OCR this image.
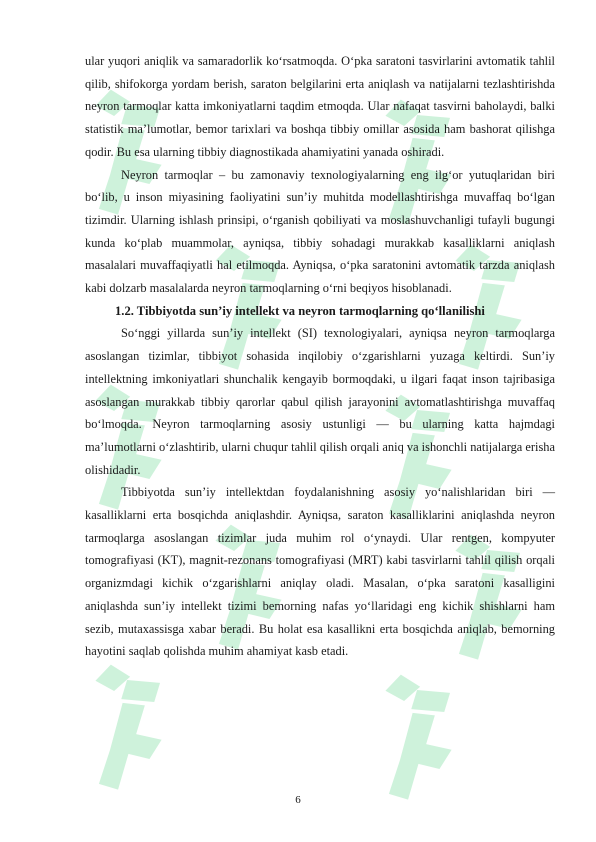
ular yuqori aniqlik va samaradorlik ko‘rsatmoqda. O‘pka saratoni tasvirlarini avtomatik tahlil qilib, shifokorga yordam berish, saraton belgilarini erta aniqlash va natijalarni tezlashtirishda neyron tarmoqlar katta imkoniyatlarni taqdim etmoqda. Ular nafaqat tasvirni baholaydi, balki statistik ma’lumotlar, bemor tarixlari va boshqa tibbiy omillar asosida ham bashorat qilishga qodir. Bu esa ularning tibbiy diagnostikada ahamiyatini yanada oshiradi.

Neyron tarmoqlar – bu zamonaviy texnologiyalarning eng ilg‘or yutuqlaridan biri bo‘lib, u inson miyasining faoliyatini sun’iy muhitda modellashtirishga muvaffaq bo‘lgan tizimdir. Ularning ishlash prinsipi, o‘rganish qobiliyati va moslashuvchanligi tufayli bugungi kunda ko‘plab muammolar, ayniqsa, tibbiy sohadagi murakkab kasalliklarni aniqlash masalalari muvaffaqiyatli hal etilmoqda. Ayniqsa, o‘pka saratonini avtomatik tarzda aniqlash kabi dolzarb masalalarda neyron tarmoqlarning o‘rni beqiyos hisoblanadi.

1.2. Tibbiyotda sun’iy intellekt va neyron tarmoqlarning qo‘llanilishi

So‘nggi yillarda sun’iy intellekt (SI) texnologiyalari, ayniqsa neyron tarmoqlarga asoslangan tizimlar, tibbiyot sohasida inqilobiy o‘zgarishlarni yuzaga keltirdi. Sun’iy intellektning imkoniyatlari shunchalik kengayib bormoqdaki, u ilgari faqat inson tajribasiga asoslangan murakkab tibbiy qarorlar qabul qilish jarayonini avtomatlashtirishga muvaffaq bo‘lmoqda. Neyron tarmoqlarning asosiy ustunligi — bu ularning katta hajmdagi ma’lumotlarni o‘zlashtirib, ularni chuqur tahlil qilish orqali aniq va ishonchli natijalarga erisha olishidadir.

Tibbiyotda sun’iy intellektdan foydalanishning asosiy yo‘nalishlaridan biri — kasalliklarni erta bosqichda aniqlashdir. Ayniqsa, saraton kasalliklarini aniqlashda neyron tarmoqlarga asoslangan tizimlar juda muhim rol o‘ynaydi. Ular rentgen, kompyuter tomografiyasi (KT), magnit-rezonans tomografiyasi (MRT) kabi tasvirlarni tahlil qilish orqali organizmdagi kichik o‘zgarishlarni aniqlay oladi. Masalan, o‘pka saratoni kasalligini aniqlashda sun’iy intellekt tizimi bemorning nafas yo‘llaridagi eng kichik shishlarni ham sezib, mutaxassisga xabar beradi. Bu holat esa kasallikni erta bosqichda aniqlab, bemorning hayotini saqlab qolishda muhim ahamiyat kasb etadi.

6
